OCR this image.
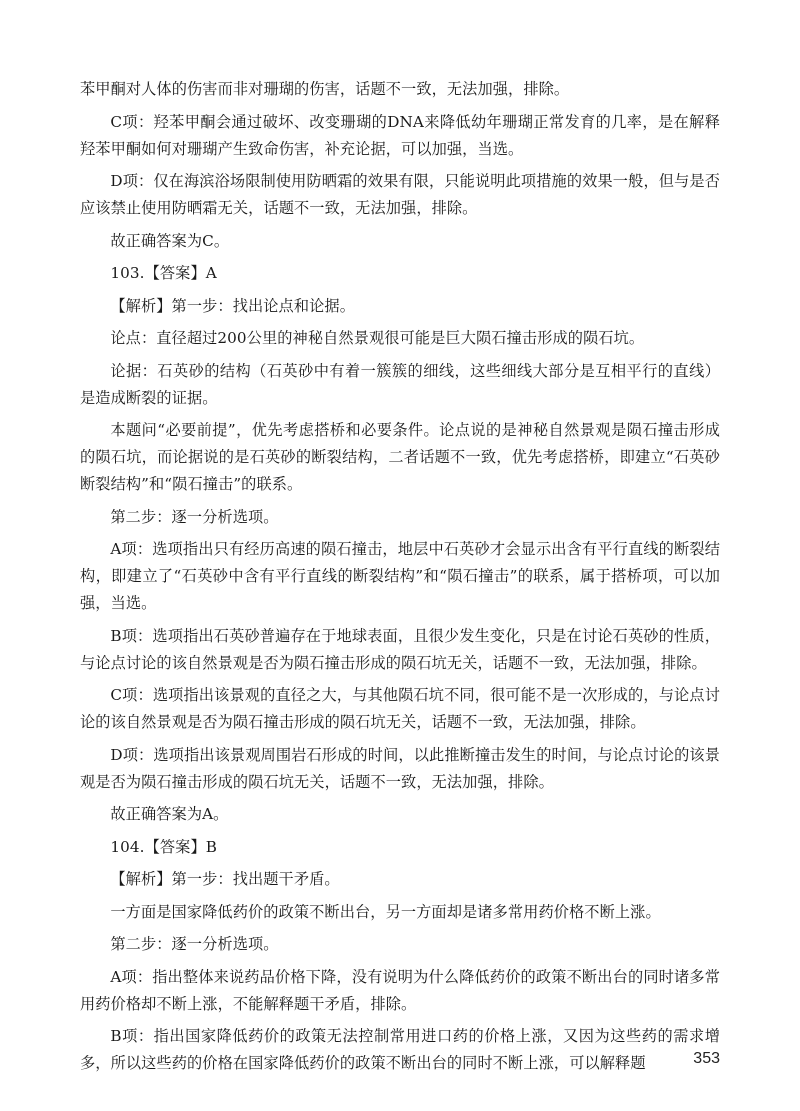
苯甲酮对人体的伤害而非对珊瑚的伤害，话题不一致，无法加强，排除。

C项：羟苯甲酮会通过破坏、改变珊瑚的DNA来降低幼年珊瑚正常发育的几率，是在解释羟苯甲酮如何对珊瑚产生致命伤害，补充论据，可以加强，当选。

D项：仅在海滨浴场限制使用防晒霜的效果有限，只能说明此项措施的效果一般，但与是否应该禁止使用防晒霜无关，话题不一致，无法加强，排除。

故正确答案为C。

103.【答案】A

【解析】第一步：找出论点和论据。

论点：直径超过200公里的神秘自然景观很可能是巨大陨石撞击形成的陨石坑。

论据：石英砂的结构（石英砂中有着一簇簇的细线，这些细线大部分是互相平行的直线）是造成断裂的证据。

本题问“必要前提”，优先考虑搭桥和必要条件。论点说的是神秘自然景观是陨石撞击形成的陨石坑，而论据说的是石英砂的断裂结构，二者话题不一致，优先考虑搭桥，即建立“石英砂断裂结构”和“陨石撞击”的联系。

第二步：逐一分析选项。

A项：选项指出只有经历高速的陨石撞击，地层中石英砂才会显示出含有平行直线的断裂结构，即建立了“石英砂中含有平行直线的断裂结构”和“陨石撞击”的联系，属于搭桥项，可以加强，当选。

B项：选项指出石英砂普遍存在于地球表面，且很少发生变化，只是在讨论石英砂的性质，与论点讨论的该自然景观是否为陨石撞击形成的陨石坑无关，话题不一致，无法加强，排除。

C项：选项指出该景观的直径之大，与其他陨石坑不同，很可能不是一次形成的，与论点讨论的该自然景观是否为陨石撞击形成的陨石坑无关，话题不一致，无法加强，排除。

D项：选项指出该景观周围岩石形成的时间，以此推断撞击发生的时间，与论点讨论的该景观是否为陨石撞击形成的陨石坑无关，话题不一致，无法加强，排除。

故正确答案为A。

104.【答案】B

【解析】第一步：找出题干矛盾。

一方面是国家降低药价的政策不断出台，另一方面却是诸多常用药价格不断上涨。

第二步：逐一分析选项。

A项：指出整体来说药品价格下降，没有说明为什么降低药价的政策不断出台的同时诸多常用药价格却不断上涨，不能解释题干矛盾，排除。

B项：指出国家降低药价的政策无法控制常用进口药的价格上涨，又因为这些药的需求增多，所以这些药的价格在国家降低药价的政策不断出台的同时不断上涨，可以解释题	353
